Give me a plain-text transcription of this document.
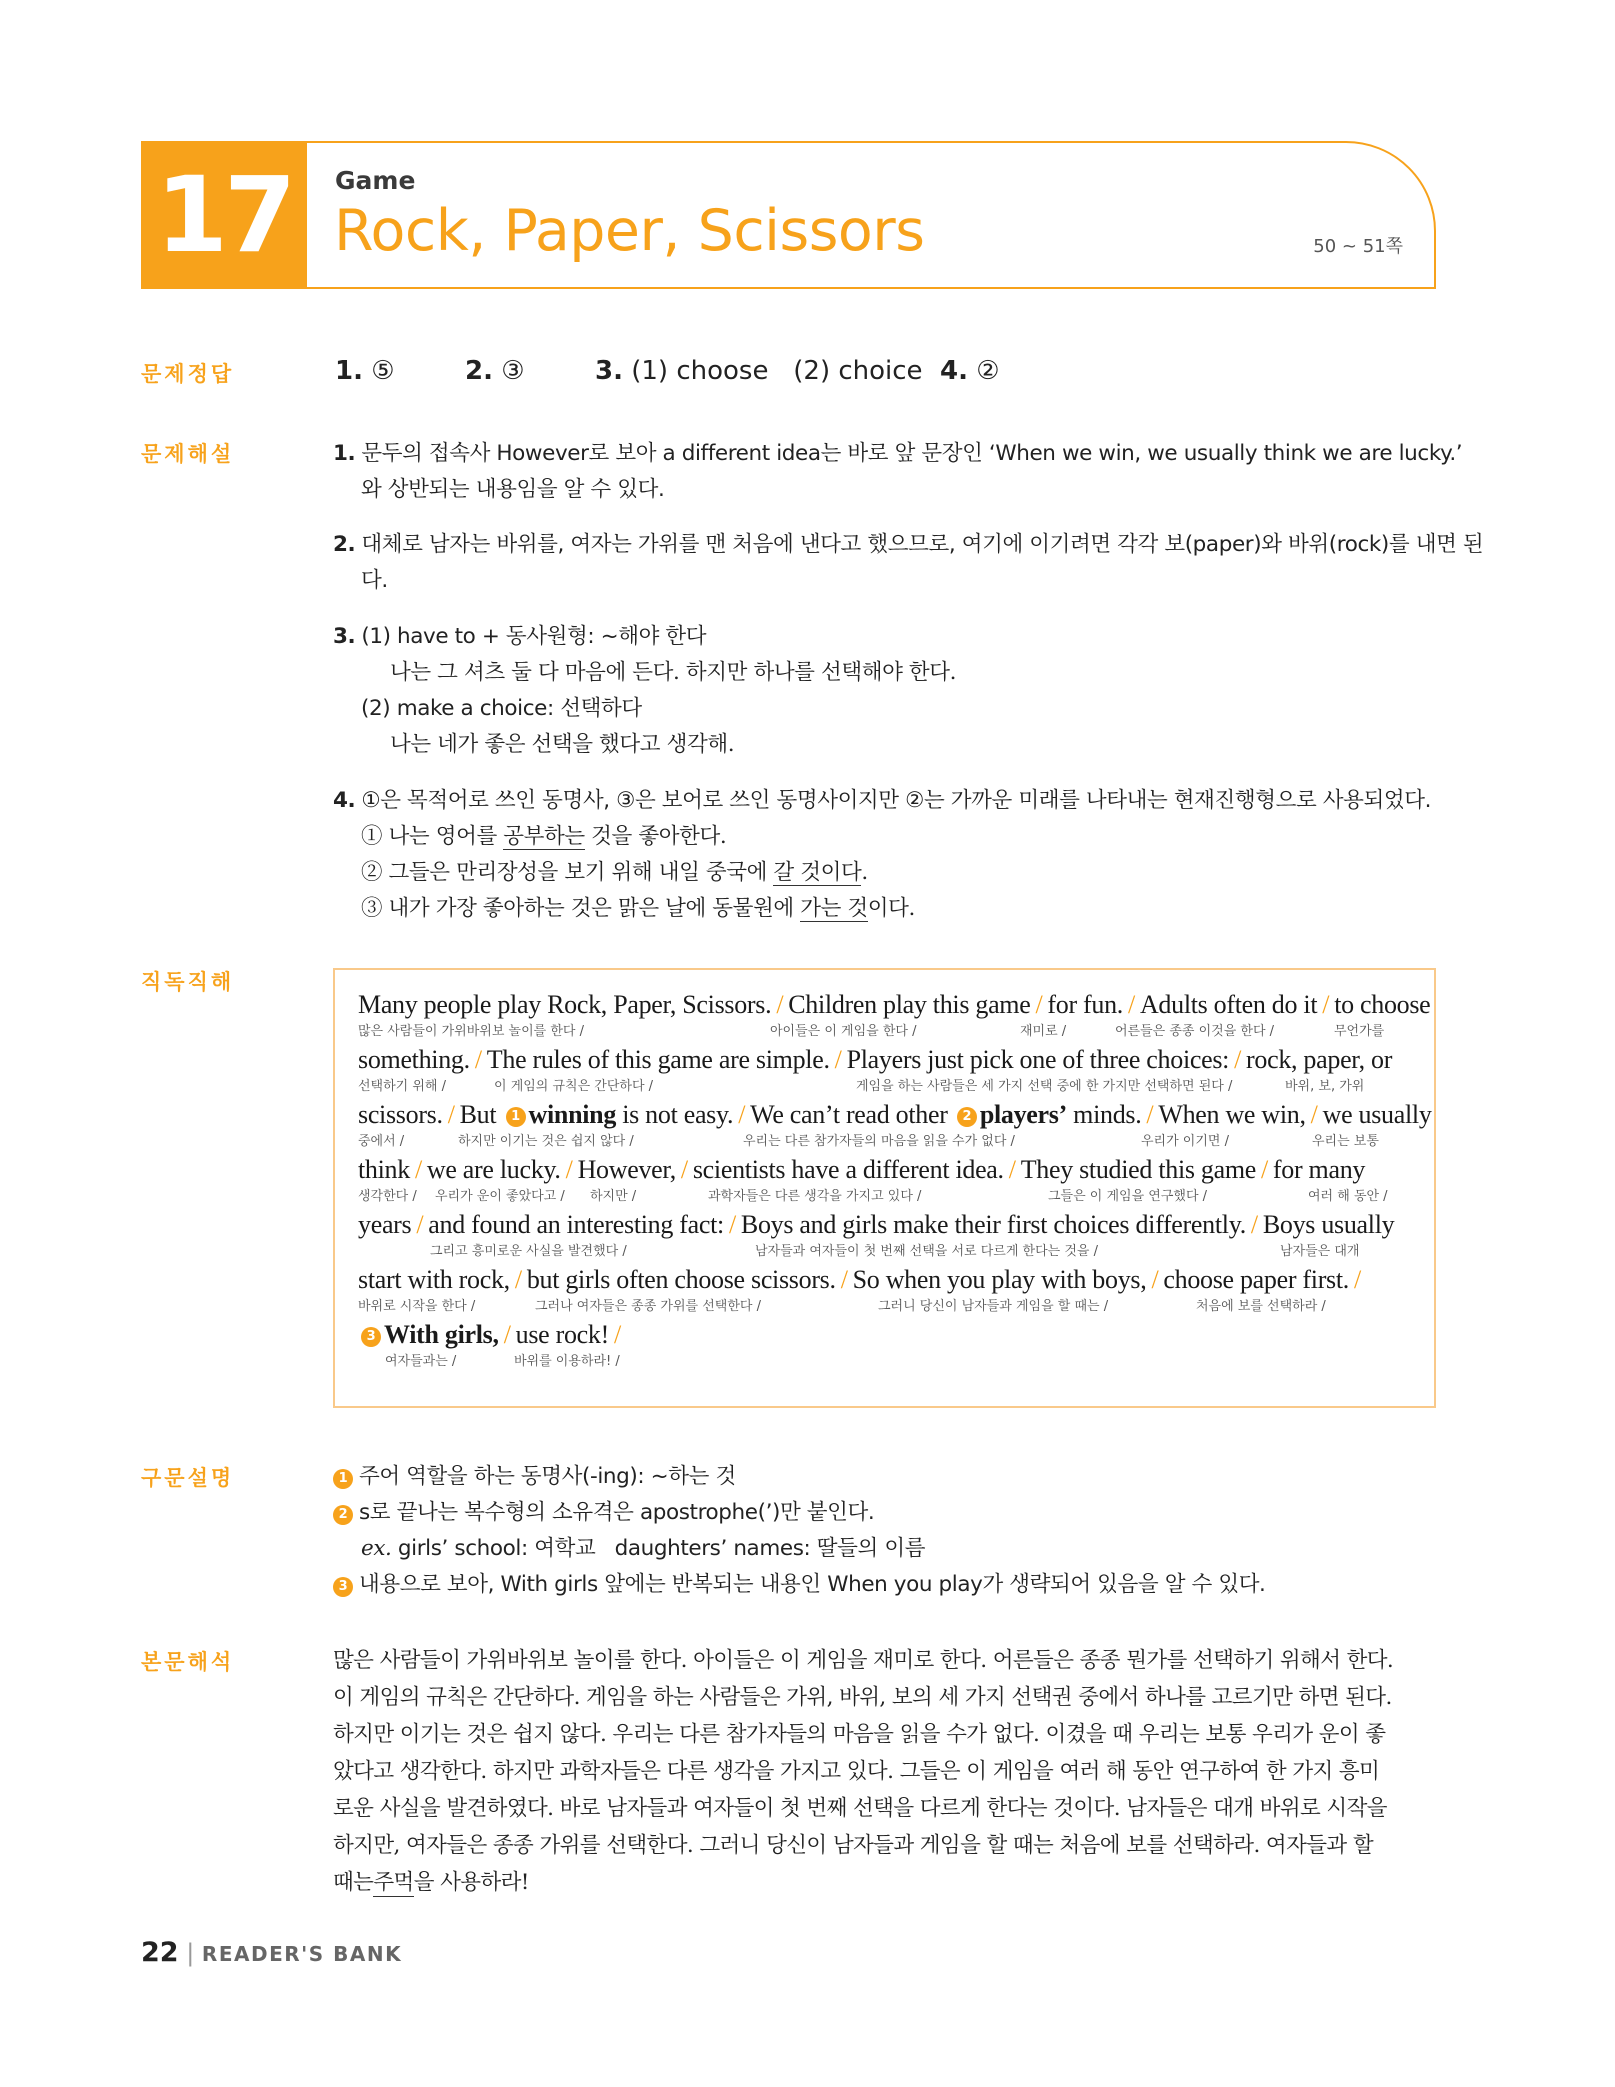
17	Game
Rock, Paper, Scissors	50 ~ 51쪽
문제정답	1. ⑤	2. ③	3. (1) choose   (2) choice 4. ②
문제해설	1. 문두의 접속사 However로 보아 a different idea는 바로 앞 문장인 ‘When we win, we usually think we are lucky.’
와 상반되는 내용임을 알 수 있다.
2. 대체로 남자는 바위를, 여자는 가위를 맨 처음에 낸다고 했으므로, 여기에 이기려면 각각 보(paper)와 바위(rock)를 내면 된
다.
3. (1) have to + 동사원형: ~해야 한다
나는 그 셔츠 둘 다 마음에 든다. 하지만 하나를 선택해야 한다.
(2) make a choice: 선택하다
나는 네가 좋은 선택을 했다고 생각해.
4. ①은 목적어로 쓰인 동명사, ③은 보어로 쓰인 동명사이지만 ②는 가까운 미래를 나타내는 현재진행형으로 사용되었다.
① 나는 영어를 공부하는 것을 좋아한다.
② 그들은 만리장성을 보기 위해 내일 중국에 갈 것이다.
③ 내가 가장 좋아하는 것은 맑은 날에 동물원에 가는 것이다.
직독직해
Many people play Rock, Paper, Scissors. / Children play this game / for fun. / Adults often do it / to choose
많은 사람들이 가위바위보 놀이를 한다 /	아이들은 이 게임을 한다 /	재미로 /	어른들은 종종 이것을 한다 /	무언가를
something. / The rules of this game are simple. / Players just pick one of three choices: / rock, paper, or
선택하기 위해 /	이 게임의 규칙은 간단하다 /	게임을 하는 사람들은 세 가지 선택 중에 한 가지만 선택하면 된다 /	바위, 보, 가위
scissors. / But 1 winning is not easy. / We can’t read other 2 players’ minds. / When we win, / we usually
중에서 /	하지만 이기는 것은 쉽지 않다 /	우리는 다른 참가자들의 마음을 읽을 수가 없다 /	우리가 이기면 /	우리는 보통
think / we are lucky. / However, / scientists have a different idea. / They studied this game / for many
생각한다 / 우리가 운이 좋았다고 / 하지만 /	과학자들은 다른 생각을 가지고 있다 /	그들은 이 게임을 연구했다 /	여러 해 동안 /
years / and found an interesting fact: / Boys and girls make their first choices differently. / Boys usually
그리고 흥미로운 사실을 발견했다 /	남자들과 여자들이 첫 번째 선택을 서로 다르게 한다는 것을 /	남자들은 대개
start with rock, / but girls often choose scissors. / So when you play with boys, / choose paper first. /
바위로 시작을 한다 /	그러나 여자들은 종종 가위를 선택한다 /	그러니 당신이 남자들과 게임을 할 때는 /	처음에 보를 선택하라 /
3 With girls, / use rock! /
여자들과는 /	바위를 이용하라! /
구문설명	1 주어 역할을 하는 동명사(-ing): ~하는 것
2 s로 끝나는 복수형의 소유격은 apostrophe(’)만 붙인다.
ex. girls’ school: 여학교   daughters’ names: 딸들의 이름
3 내용으로 보아, With girls 앞에는 반복되는 내용인 When you play가 생략되어 있음을 알 수 있다.
본문해석	많은 사람들이 가위바위보 놀이를 한다. 아이들은 이 게임을 재미로 한다. 어른들은 종종 뭔가를 선택하기 위해서 한다.
이 게임의 규칙은 간단하다. 게임을 하는 사람들은 가위, 바위, 보의 세 가지 선택권 중에서 하나를 고르기만 하면 된다.
하지만 이기는 것은 쉽지 않다. 우리는 다른 참가자들의 마음을 읽을 수가 없다. 이겼을 때 우리는 보통 우리가 운이 좋
았다고 생각한다. 하지만 과학자들은 다른 생각을 가지고 있다. 그들은 이 게임을 여러 해 동안 연구하여 한 가지 흥미
로운 사실을 발견하였다. 바로 남자들과 여자들이 첫 번째 선택을 다르게 한다는 것이다. 남자들은 대개 바위로 시작을
하지만, 여자들은 종종 가위를 선택한다. 그러니 당신이 남자들과 게임을 할 때는 처음에 보를 선택하라. 여자들과 할
때는 주먹 을 사용하라!
22 | READER'S BANK
